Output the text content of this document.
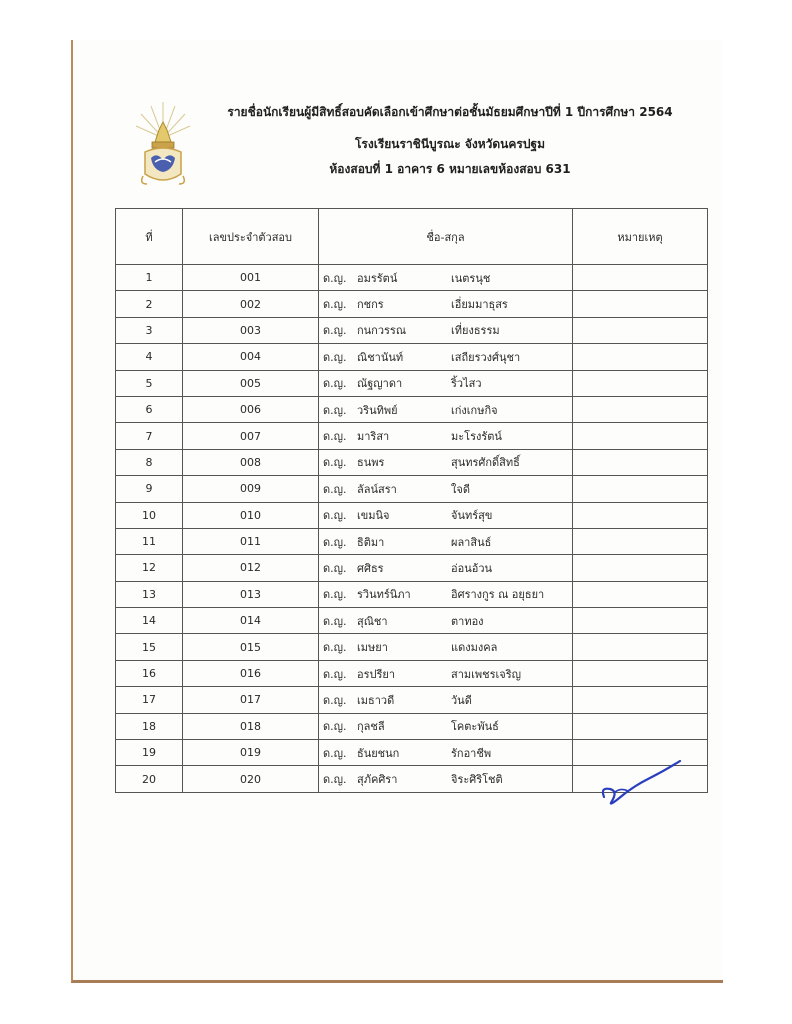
รายชื่อนักเรียนผู้มีสิทธิ์สอบคัดเลือกเข้าศึกษาต่อชั้นมัธยมศึกษาปีที่ 1 ปีการศึกษา 2564
โรงเรียนราชินีบูรณะ จังหวัดนครปฐม
ห้องสอบที่ 1 อาคาร 6 หมายเลขห้องสอบ 631
ที่	เลขประจำตัวสอบ	ชื่อ-สกุล	หมายเหตุ
1	001	ด.ญ. อมรรัตน์ เนตรนุช	

2	002	ด.ญ. กชกร เอี่ยมมาธุสร	

3	003	ด.ญ. กนกวรรณ เที่ยงธรรม	

4	004	ด.ญ. ณิชานันท์ เสถียรวงศ์นุชา	

5	005	ด.ญ. ณัฐญาดา ริ้วไสว	

6	006	ด.ญ. วรินทิพย์ เก่งเกษกิจ	

7	007	ด.ญ. มาริสา มะโรงรัตน์	

8	008	ด.ญ. ธนพร สุนทรศักดิ์สิทธิ์	

9	009	ด.ญ. ลัลน์สรา ใจดี	

10	010	ด.ญ. เขมนิจ จันทร์สุข	

11	011	ด.ญ. ธิติมา ผลาสินธ์	

12	012	ด.ญ. ศศิธร อ่อนอ้วน	

13	013	ด.ญ. รวินทร์นิภา อิศรางกูร ณ อยุธยา	

14	014	ด.ญ. สุณิชา ตาทอง	

15	015	ด.ญ. เมษยา แดงมงคล	

16	016	ด.ญ. อรปรียา สามเพชรเจริญ	

17	017	ด.ญ. เมธาวดี วันดี	

18	018	ด.ญ. กุลชลี โคตะพันธ์	

19	019	ด.ญ. ธันยชนก รักอาชีพ	

20	020	ด.ญ. สุภัคศิรา จิระศิริโชติ	
